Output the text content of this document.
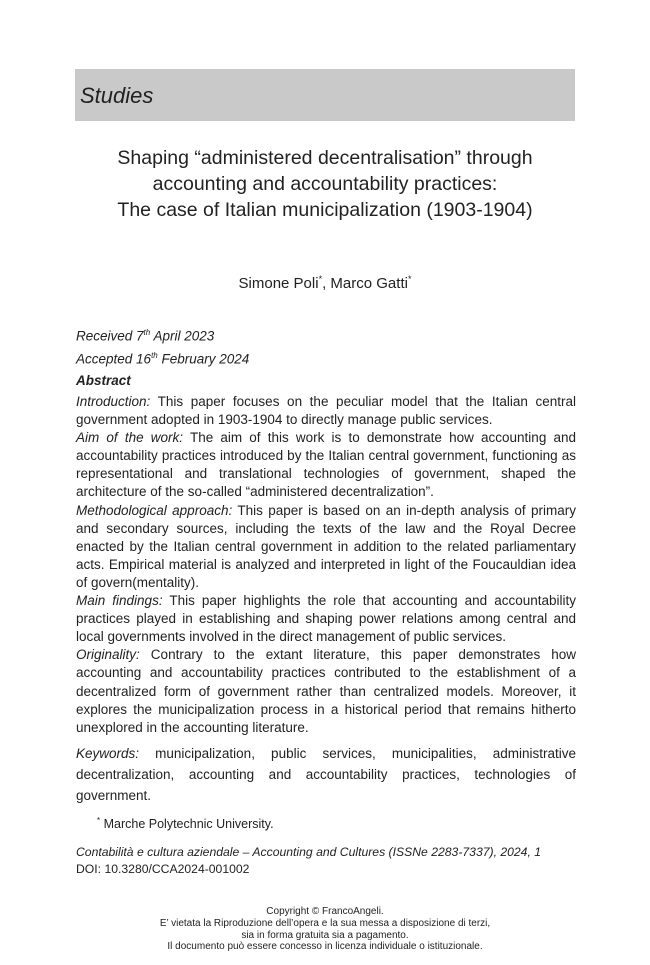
Studies
Shaping “administered decentralisation” through
accounting and accountability practices:
The case of Italian municipalization (1903-1904)
Simone Poli*, Marco Gatti*
Received 7th April 2023
Accepted 16th February 2024
Abstract

Introduction: This paper focuses on the peculiar model that the Italian central government adopted in 1903-1904 to directly manage public services.

Aim of the work: The aim of this work is to demonstrate how accounting and accountability practices introduced by the Italian central government, functioning as representational and translational technologies of government, shaped the architecture of the so-called “administered decentralization”.

Methodological approach: This paper is based on an in-depth analysis of primary and secondary sources, including the texts of the law and the Royal Decree enacted by the Italian central government in addition to the related parliamentary acts. Empirical material is analyzed and interpreted in light of the Foucauldian idea of govern(mentality).

Main findings: This paper highlights the role that accounting and accountability practices played in establishing and shaping power relations among central and local governments involved in the direct management of public services.

Originality: Contrary to the extant literature, this paper demonstrates how accounting and accountability practices contributed to the establishment of a decentralized form of government rather than centralized models. Moreover, it explores the municipalization process in a historical period that remains hitherto unexplored in the accounting literature.

Keywords: municipalization, public services, municipalities, administrative decentralization, accounting and accountability practices, technologies of government.
* Marche Polytechnic University.
Contabilità e cultura aziendale – Accounting and Cultures (ISSNe 2283-7337), 2024, 1
DOI: 10.3280/CCA2024-001002
Copyright © FrancoAngeli.
E’ vietata la Riproduzione dell’opera e la sua messa a disposizione di terzi,
sia in forma gratuita sia a pagamento.
Il documento può essere concesso in licenza individuale o istituzionale.
